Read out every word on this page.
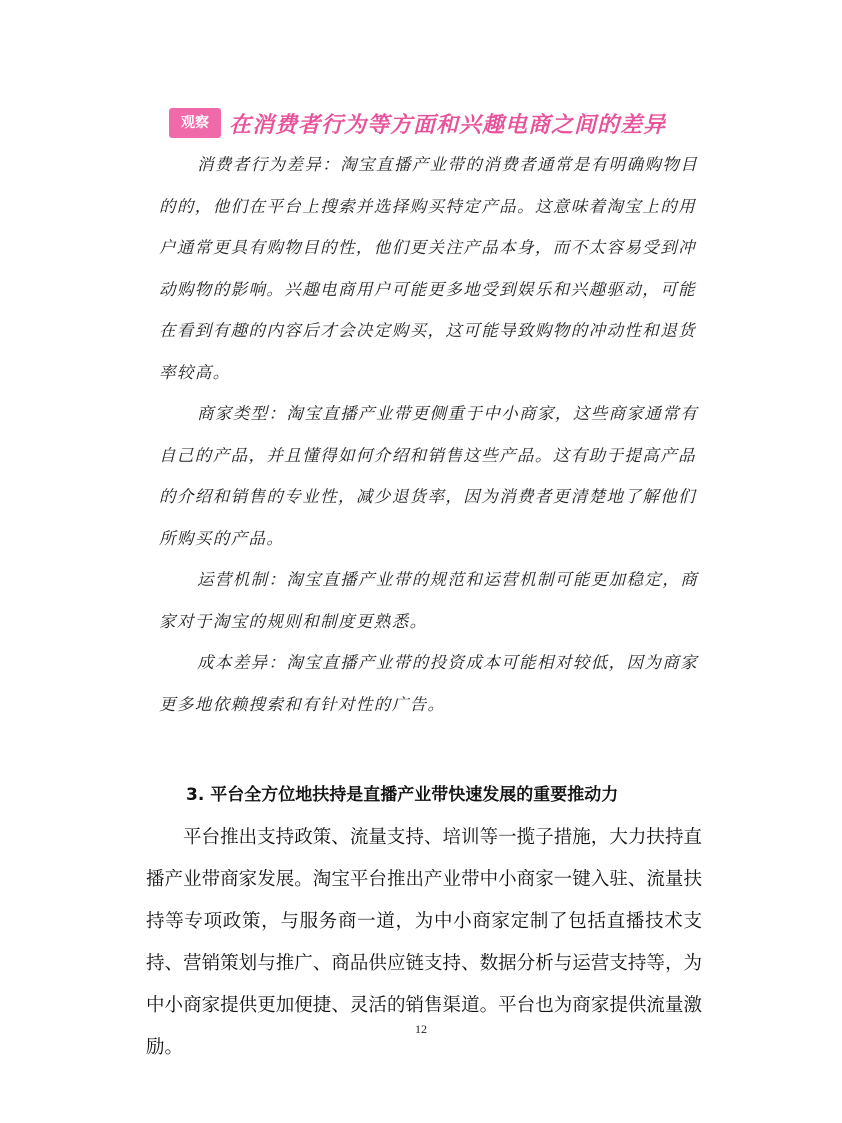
观察 在消费者行为等方面和兴趣电商之间的差异

消费者行为差异：淘宝直播产业带的消费者通常是有明确购物目的的，他们在平台上搜索并选择购买特定产品。这意味着淘宝上的用户通常更具有购物目的性，他们更关注产品本身，而不太容易受到冲动购物的影响。兴趣电商用户可能更多地受到娱乐和兴趣驱动，可能在看到有趣的内容后才会决定购买，这可能导致购物的冲动性和退货率较高。

商家类型：淘宝直播产业带更侧重于中小商家，这些商家通常有自己的产品，并且懂得如何介绍和销售这些产品。这有助于提高产品的介绍和销售的专业性，减少退货率，因为消费者更清楚地了解他们所购买的产品。

运营机制：淘宝直播产业带的规范和运营机制可能更加稳定，商家对于淘宝的规则和制度更熟悉。

成本差异：淘宝直播产业带的投资成本可能相对较低，因为商家更多地依赖搜索和有针对性的广告。

3. 平台全方位地扶持是直播产业带快速发展的重要推动力

平台推出支持政策、流量支持、培训等一揽子措施，大力扶持直播产业带商家发展。淘宝平台推出产业带中小商家一键入驻、流量扶持等专项政策，与服务商一道，为中小商家定制了包括直播技术支持、营销策划与推广、商品供应链支持、数据分析与运营支持等，为中小商家提供更加便捷、灵活的销售渠道。平台也为商家提供流量激励。

12
